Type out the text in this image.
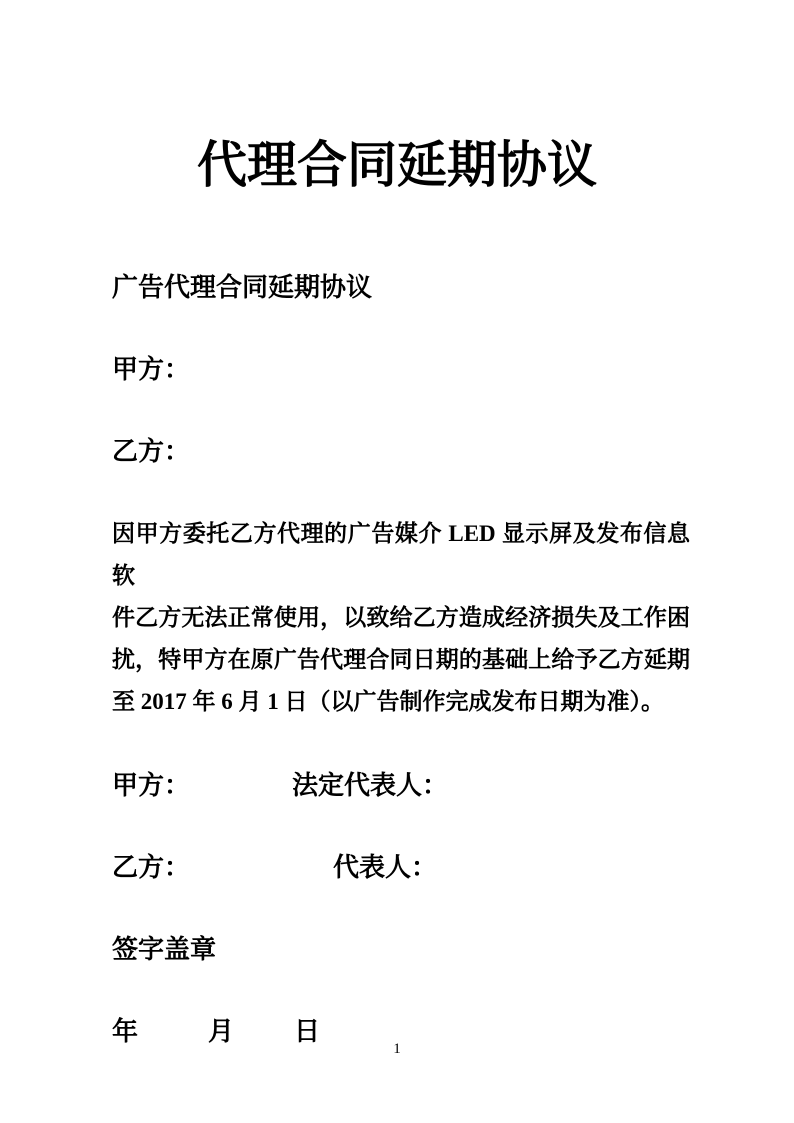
代理合同延期协议

广告代理合同延期协议

甲方：

乙方：

因甲方委托乙方代理的广告媒介 LED 显示屏及发布信息软
件乙方无法正常使用，以致给乙方造成经济损失及工作困
扰，特甲方在原广告代理合同日期的基础上给予乙方延期
至 2017 年 6 月 1 日（以广告制作完成发布日期为准）。

甲方：	法定代表人：

乙方：	代表人：

签字盖章

年	月 日

1
